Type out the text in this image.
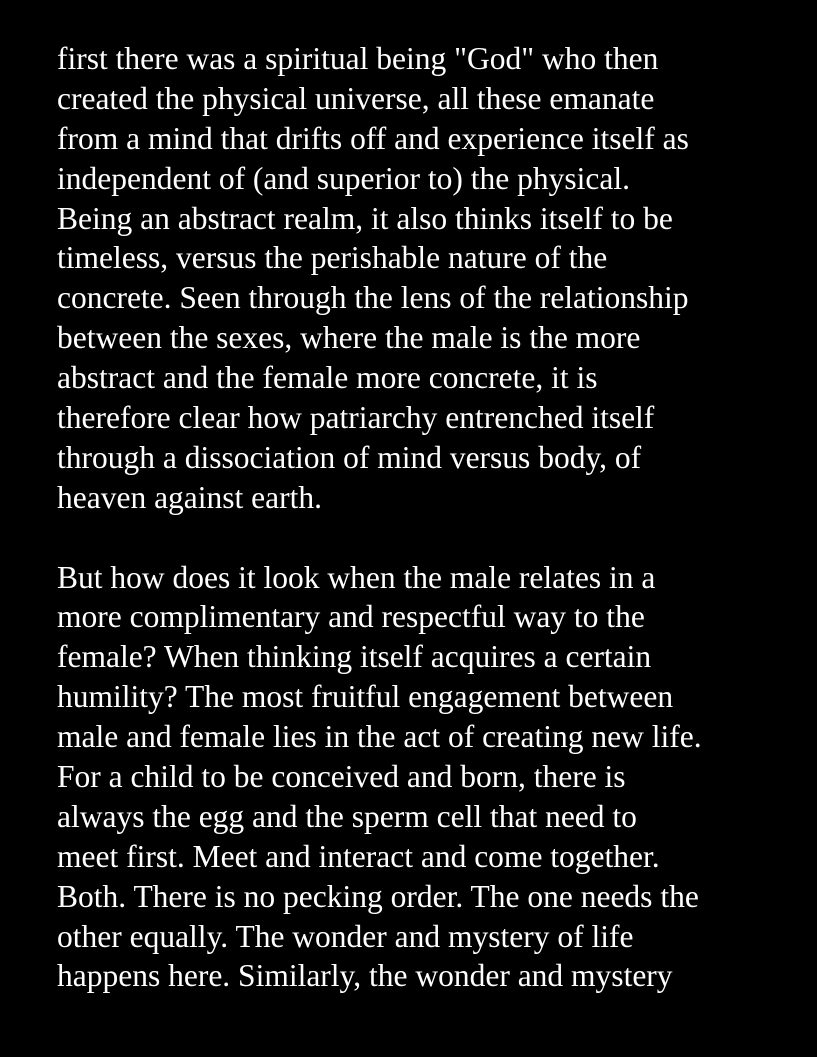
first there was a spiritual being "God" who then
created the physical universe, all these emanate
from a mind that drifts off and experience itself as
independent of (and superior to) the physical.
Being an abstract realm, it also thinks itself to be
timeless, versus the perishable nature of the
concrete. Seen through the lens of the relationship
between the sexes, where the male is the more
abstract and the female more concrete, it is
therefore clear how patriarchy entrenched itself
through a dissociation of mind versus body, of
heaven against earth.

But how does it look when the male relates in a
more complimentary and respectful way to the
female? When thinking itself acquires a certain
humility? The most fruitful engagement between
male and female lies in the act of creating new life.
For a child to be conceived and born, there is
always the egg and the sperm cell that need to
meet first. Meet and interact and come together.
Both. There is no pecking order. The one needs the
other equally. The wonder and mystery of life
happens here. Similarly, the wonder and mystery
